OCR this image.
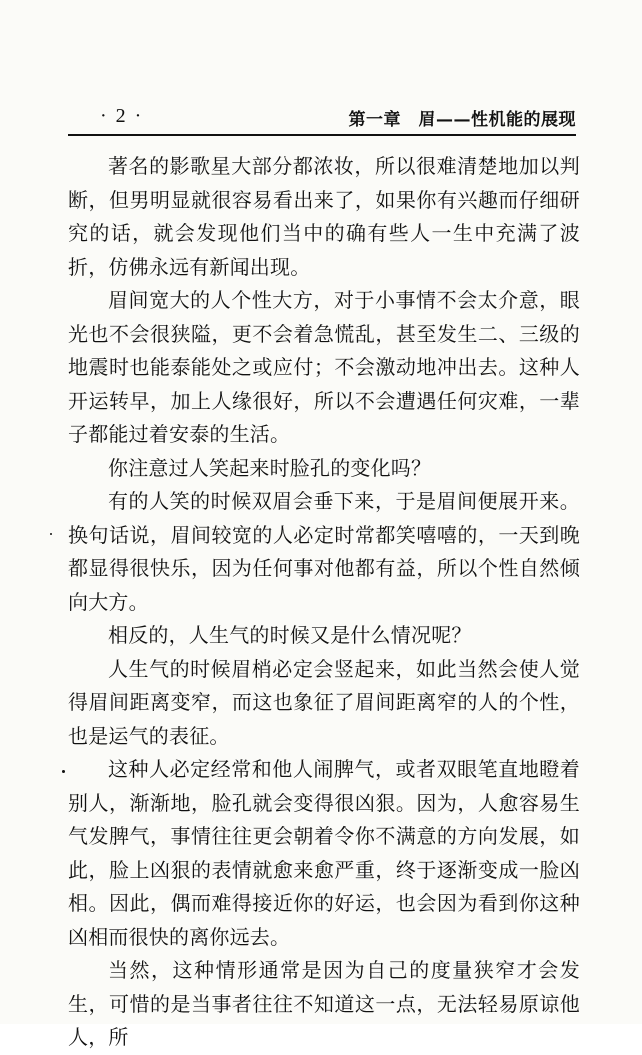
· 2 ·	第一章　眉——性机能的展现

著名的影歌星大部分都浓妆，所以很难清楚地加以判断，但男明显就很容易看出来了，如果你有兴趣而仔细研究的话，就会发现他们当中的确有些人一生中充满了波折，仿佛永远有新闻出现。

眉间宽大的人个性大方，对于小事情不会太介意，眼光也不会很狭隘，更不会着急慌乱，甚至发生二、三级的地震时也能泰能处之或应付；不会激动地冲出去。这种人开运转早，加上人缘很好，所以不会遭遇任何灾难，一辈子都能过着安泰的生活。

你注意过人笑起来时脸孔的变化吗？

有的人笑的时候双眉会垂下来，于是眉间便展开来。换句话说，眉间较宽的人必定时常都笑嘻嘻的，一天到晚都显得很快乐，因为任何事对他都有益，所以个性自然倾向大方。

相反的，人生气的时候又是什么情况呢？

人生气的时候眉梢必定会竖起来，如此当然会使人觉得眉间距离变窄，而这也象征了眉间距离窄的人的个性，也是运气的表征。

这种人必定经常和他人闹脾气，或者双眼笔直地瞪着别人，渐渐地，脸孔就会变得很凶狠。因为，人愈容易生气发脾气，事情往往更会朝着令你不满意的方向发展，如此，脸上凶狠的表情就愈来愈严重，终于逐渐变成一脸凶相。因此，偶而难得接近你的好运，也会因为看到你这种凶相而很快的离你远去。

当然，这种情形通常是因为自己的度量狭窄才会发生，可惜的是当事者往往不知道这一点，无法轻易原谅他人，所
